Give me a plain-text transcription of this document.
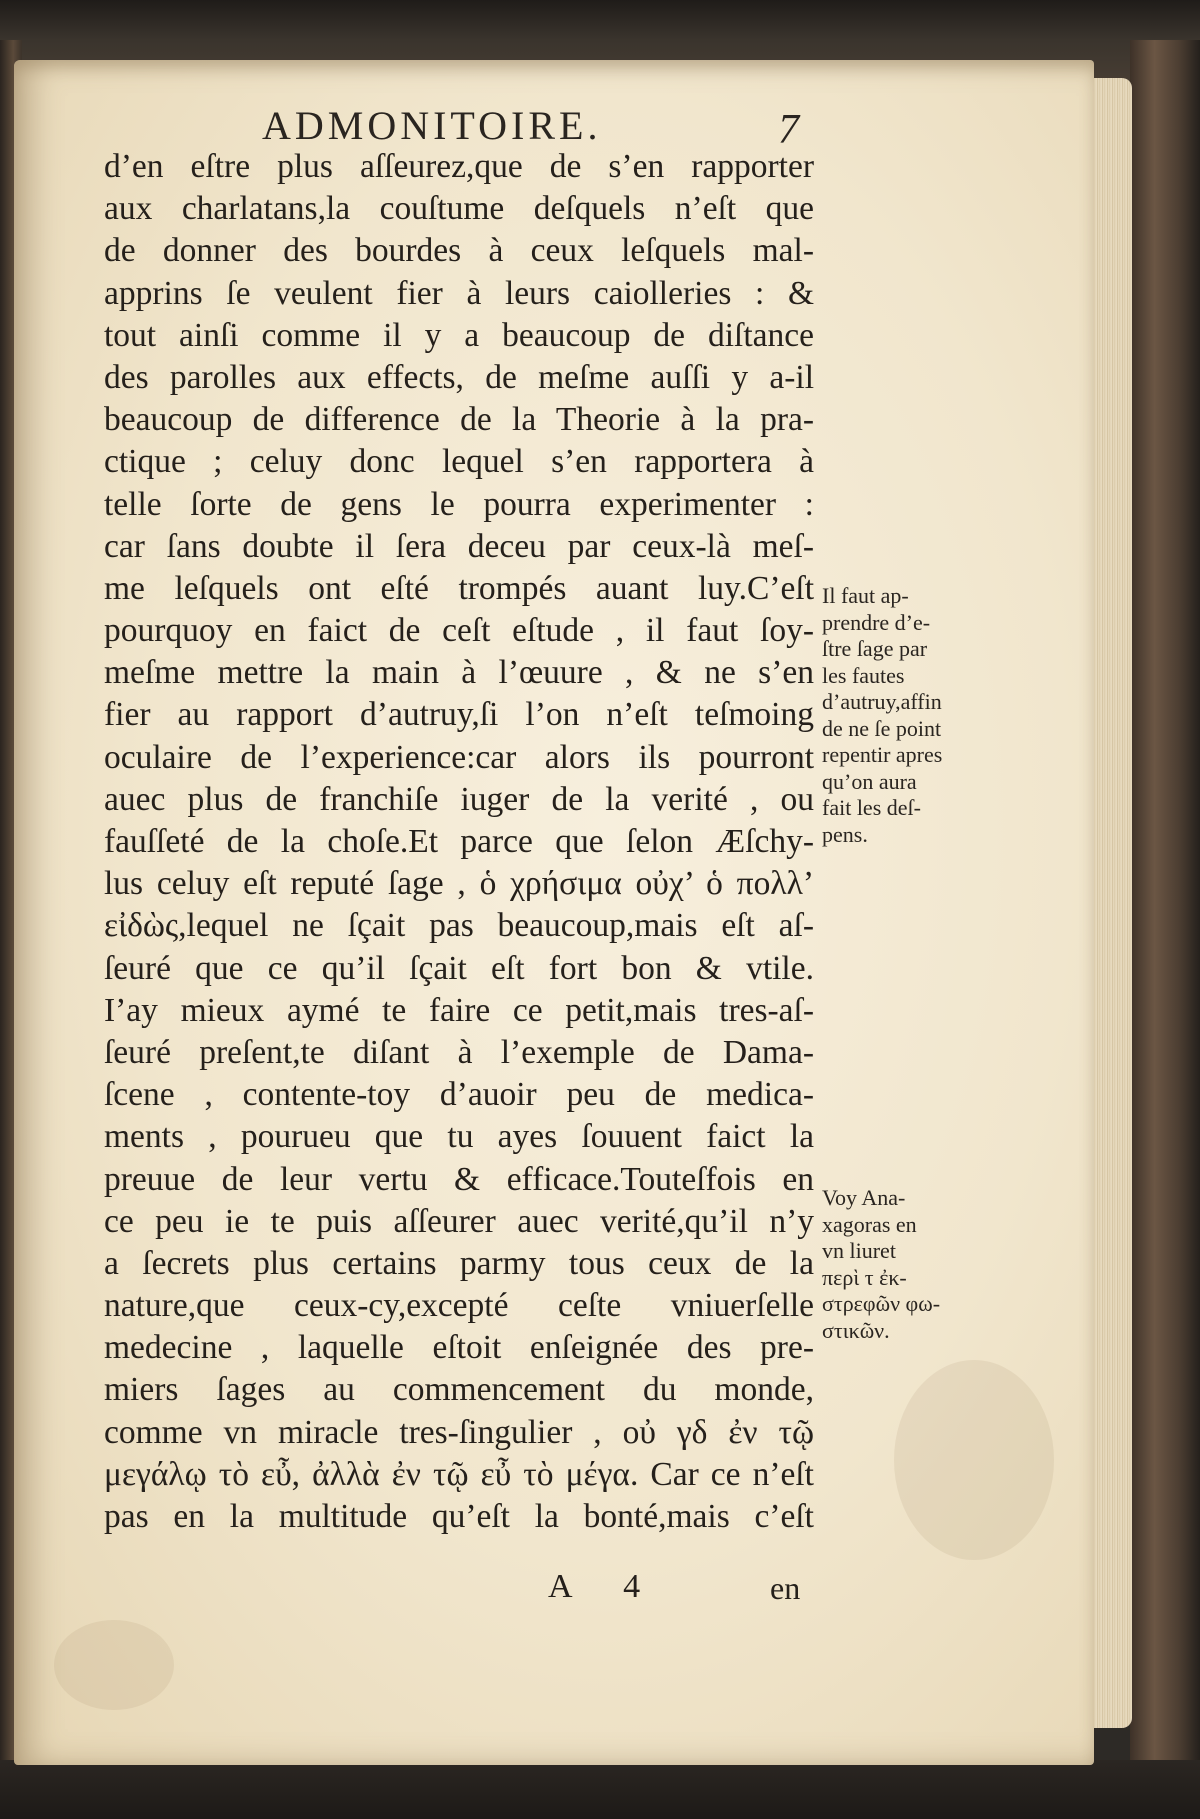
ADMONITOIRE.	7
d’en eſtre plus aſſeurez,que de s’en rapporter
aux charlatans,la couſtume deſquels n’eſt que
de donner des bourdes à ceux leſquels mal-
apprins ſe veulent fier à leurs caiolleries : &
tout ainſi comme il y a beaucoup de diſtance
des parolles aux effects, de meſme auſſi y a-il
beaucoup de difference de la Theorie à la pra-
ctique ; celuy donc lequel s’en rapportera à
telle ſorte de gens le pourra experimenter :
car ſans doubte il ſera deceu par ceux-là meſ-
me leſquels ont eſté trompés auant luy.C’eſt
pourquoy en faict de ceſt eſtude , il faut ſoy-
meſme mettre la main à l’œuure , & ne s’en
fier au rapport d’autruy,ſi l’on n’eſt teſmoing
oculaire de l’experience:car alors ils pourront
auec plus de franchiſe iuger de la verité , ou
fauſſeté de la choſe.Et parce que ſelon Æſchy-
lus celuy eſt reputé ſage , ὁ χρήσιμα οὐχ’ ὁ πολλ’
εἰδὼς,lequel ne ſçait pas beaucoup,mais eſt aſ-
ſeuré que ce qu’il ſçait eſt fort bon & vtile.
I’ay mieux aymé te faire ce petit,mais tres-aſ-
ſeuré preſent,te diſant à l’exemple de Dama-
ſcene , contente-toy d’auoir peu de medica-
ments , pourueu que tu ayes ſouuent faict la
preuue de leur vertu & efficace.Touteſfois en
ce peu ie te puis aſſeurer auec verité,qu’il n’y
a ſecrets plus certains parmy tous ceux de la
nature,que ceux-cy,excepté ceſte vniuerſelle
medecine , laquelle eſtoit enſeignée des pre-
miers ſages au commencement du monde,
comme vn miracle tres-ſingulier , οὐ γδ ἐν τῷ
μεγάλῳ τὸ εὖ, ἀλλὰ ἐν τῷ εὖ τὸ μέγα. Car ce n’eſt
pas en la multitude qu’eſt la bonté,mais c’eſt
Il faut ap-
prendre d’e-
ſtre ſage par
les fautes
d’autruy,affin
de ne ſe point
repentir apres
qu’on aura
fait les deſ-
pens.
Voy Ana-
xagoras en
vn liuret
περὶ τ ἐκ-
στρεφῶν φω-
στικῶν.
A 4	en
